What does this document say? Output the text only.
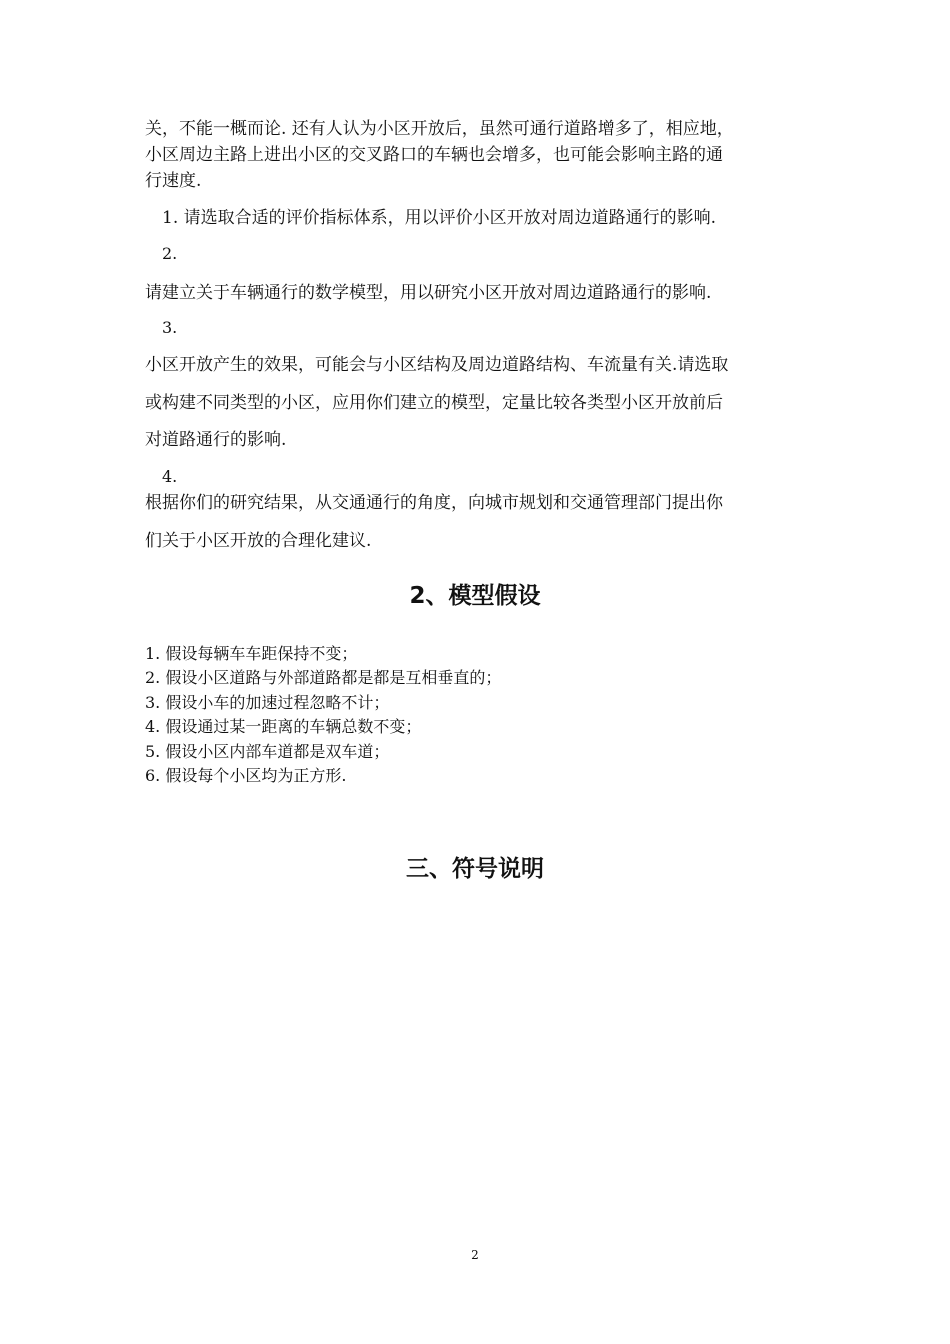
关，不能一概而论. 还有人认为小区开放后，虽然可通行道路增多了，相应地，

小区周边主路上进出小区的交叉路口的车辆也会增多，也可能会影响主路的通

行速度.

1. 请选取合适的评价指标体系，用以评价小区开放对周边道路通行的影响.

2.

请建立关于车辆通行的数学模型，用以研究小区开放对周边道路通行的影响.

3.

小区开放产生的效果，可能会与小区结构及周边道路结构、车流量有关.请选取

或构建不同类型的小区，应用你们建立的模型，定量比较各类型小区开放前后

对道路通行的影响.

4.

根据你们的研究结果，从交通通行的角度，向城市规划和交通管理部门提出你

们关于小区开放的合理化建议.

2、模型假设
1. 假设每辆车车距保持不变；
2. 假设小区道路与外部道路都是都是互相垂直的；
3. 假设小车的加速过程忽略不计；
4. 假设通过某一距离的车辆总数不变；
5. 假设小区内部车道都是双车道；
6. 假设每个小区均为正方形.
三、符号说明
2
